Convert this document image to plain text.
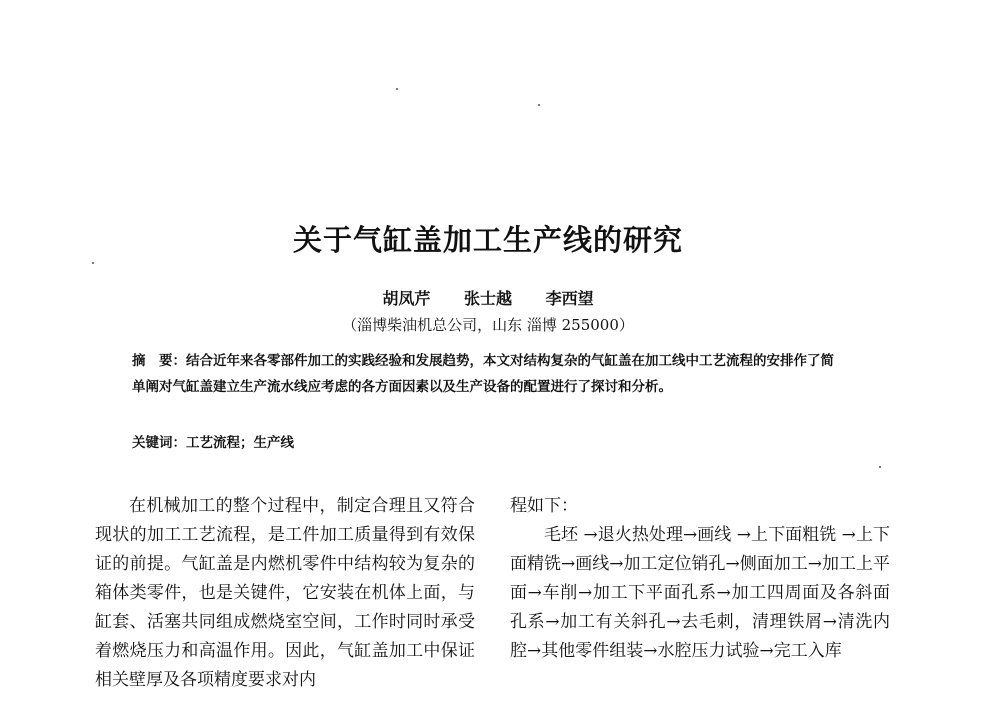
关于气缸盖加工生产线的研究
胡凤芹 张士越 李西望
（淄博柴油机总公司，山东 淄博 255000）
摘　要：结合近年来各零部件加工的实践经验和发展趋势，本文对结构复杂的气缸盖在加工线中工艺流程的安排作了简单阐对气缸盖建立生产流水线应考虑的各方面因素以及生产设备的配置进行了探讨和分析。
关键词：工艺流程；生产线

在机械加工的整个过程中，制定合理且又符合现状的加工工艺流程，是工件加工质量得到有效保证的前提。气缸盖是内燃机零件中结构较为复杂的箱体类零件，也是关键件，它安装在机体上面，与缸套、活塞共同组成燃烧室空间，工作时同时承受着燃烧压力和高温作用。因此，气缸盖加工中保证相关壁厚及各项精度要求对内

程如下：

毛坯 →退火热处理→画线 →上下面粗铣 →上下面精铣→画线→加工定位销孔→侧面加工→加工上平面→车削→加工下平面孔系→加工四周面及各斜面孔系→加工有关斜孔→去毛刺，清理铁屑→清洗内腔→其他零件组装→水腔压力试验→完工入库
